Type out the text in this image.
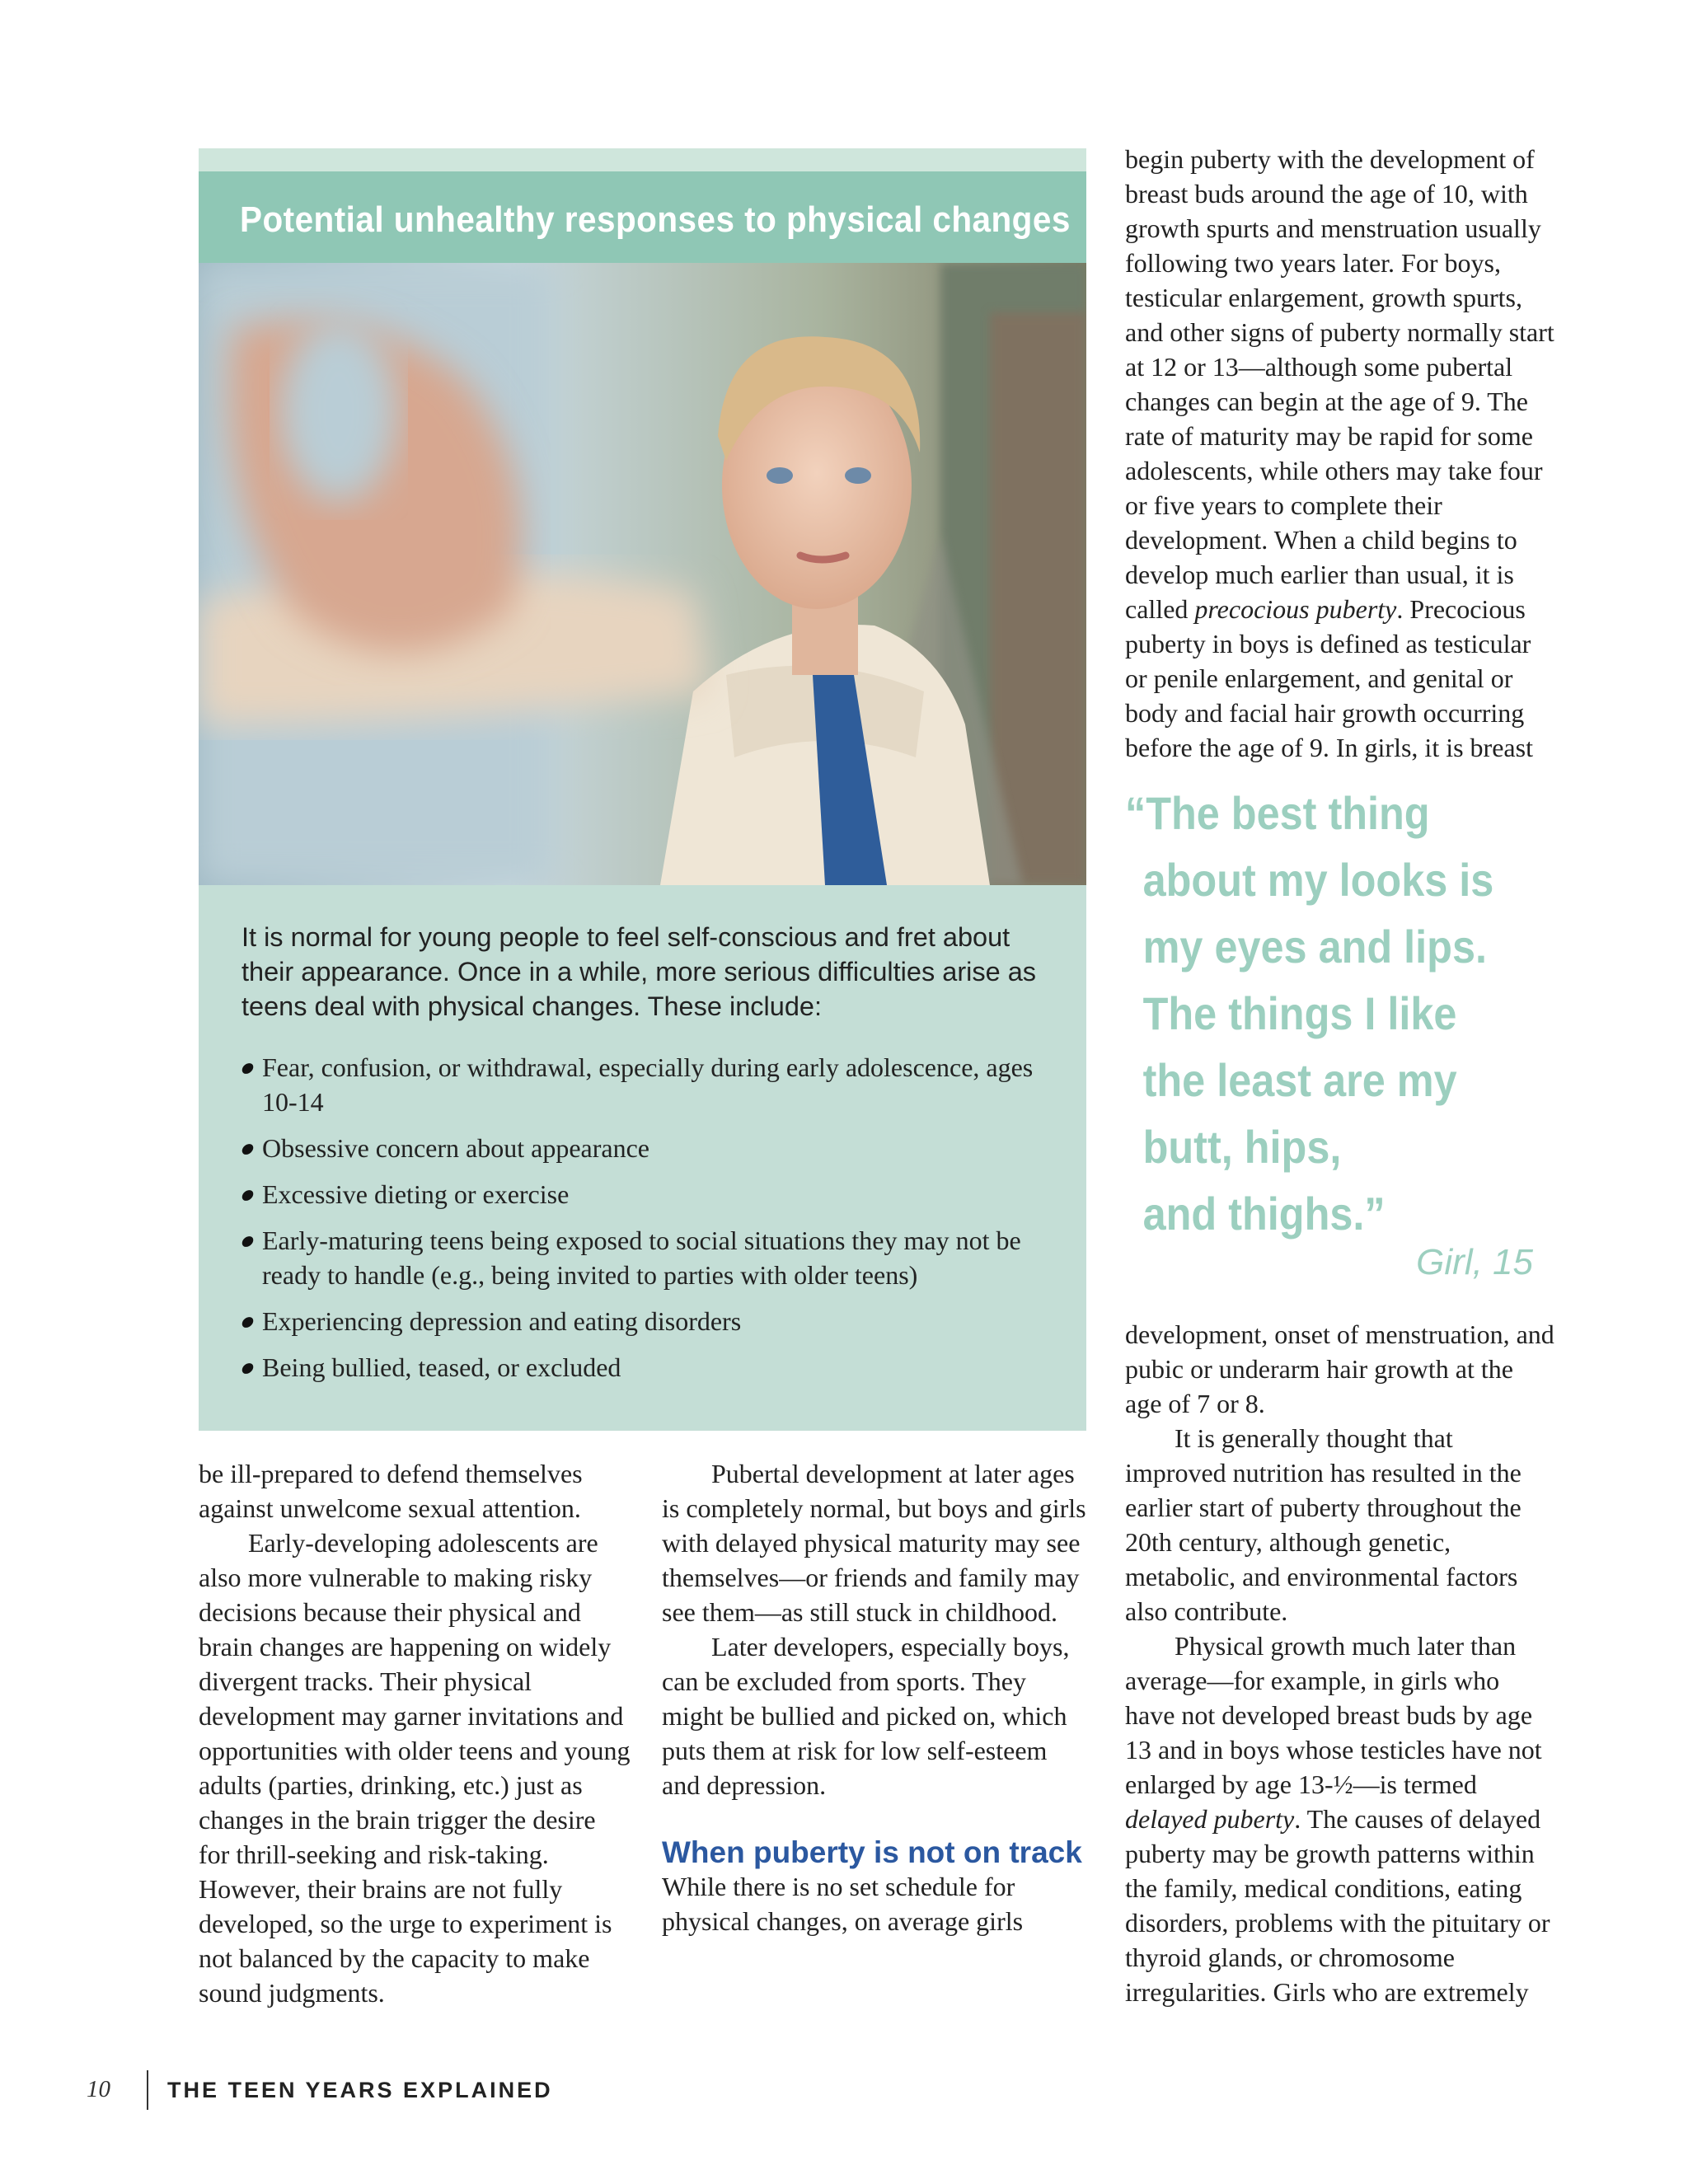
Potential unhealthy responses to physical changes
It is normal for young people to feel self-conscious and fret about their appearance. Once in a while, more serious difficulties arise as teens deal with physical changes. These include:
Fear, confusion, or withdrawal, especially during early adolescence, ages 10-14
Obsessive concern about appearance
Excessive dieting or exercise
Early-maturing teens being exposed to social situations they may not be ready to handle (e.g., being invited to parties with older teens)
Experiencing depression and eating disorders
Being bullied, teased, or excluded

be ill-prepared to defend themselves against unwelcome sexual attention.

Early-developing adolescents are also more vulnerable to making risky decisions because their physical and brain changes are happening on widely divergent tracks. Their physical development may garner invitations and opportunities with older teens and young adults (parties, drinking, etc.) just as changes in the brain trigger the desire for thrill-seeking and risk-taking. However, their brains are not fully developed, so the urge to experiment is not balanced by the capacity to make sound judgments.

Pubertal development at later ages is completely normal, but boys and girls with delayed physical maturity may see themselves—or friends and family may see them—as still stuck in childhood.

Later developers, especially boys, can be excluded from sports. They might be bullied and picked on, which puts them at risk for low self-esteem and depression.

When puberty is not on track

While there is no set schedule for physical changes, on average girls

begin puberty with the development of breast buds around the age of 10, with growth spurts and menstruation usually following two years later. For boys, testicular enlargement, growth spurts, and other signs of puberty normally start at 12 or 13—although some pubertal changes can begin at the age of 9. The rate of maturity may be rapid for some adolescents, while others may take four or five years to complete their development. When a child begins to develop much earlier than usual, it is called precocious puberty. Precocious puberty in boys is defined as testicular or penile enlargement, and genital or body and facial hair growth occurring before the age of 9. In girls, it is breast

“The best thing
about my looks is
my eyes and lips.
The things I like
the least are my
butt, hips,
and thighs.”
Girl, 15

development, onset of menstruation, and pubic or underarm hair growth at the age of 7 or 8.

It is generally thought that improved nutrition has resulted in the earlier start of puberty throughout the 20th century, although genetic, metabolic, and environmental factors also contribute.

Physical growth much later than average—for example, in girls who have not developed breast buds by age 13 and in boys whose testicles have not enlarged by age 13-½—is termed delayed puberty. The causes of delayed puberty may be growth patterns within the family, medical conditions, eating disorders, problems with the pituitary or thyroid glands, or chromosome irregularities. Girls who are extremely

10	THE TEEN YEARS EXPLAINED
